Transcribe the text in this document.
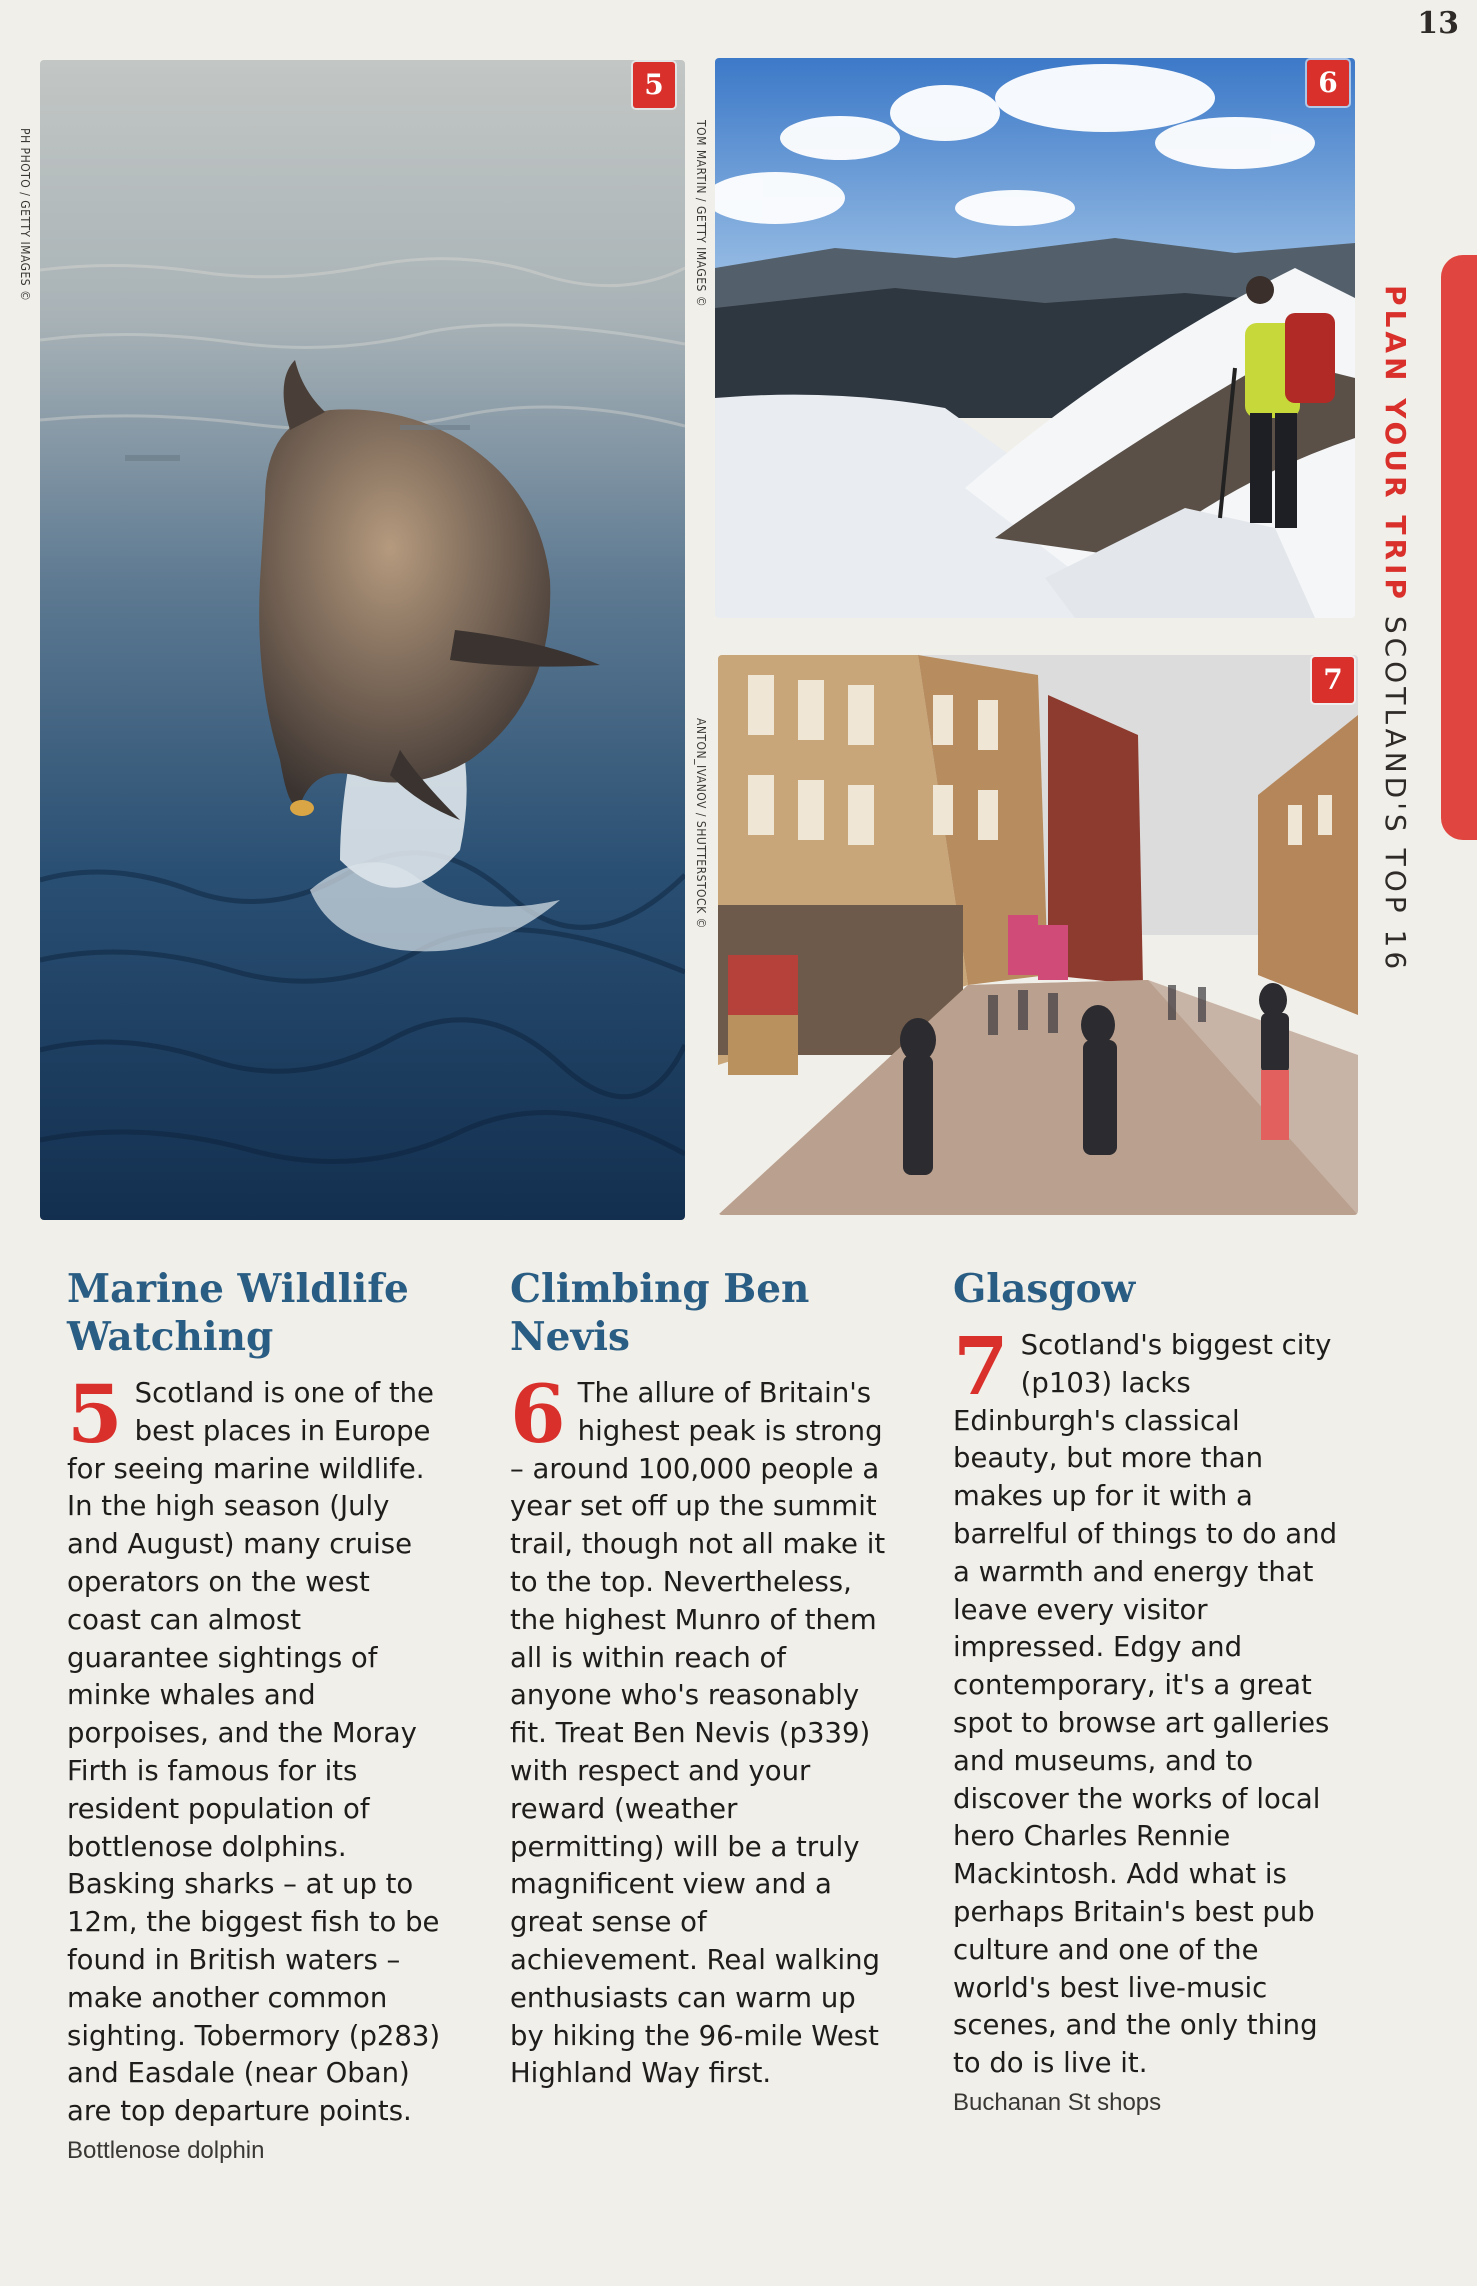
13
5
PH PHOTO / GETTY IMAGES ©
6
TOM MARTIN / GETTY IMAGES ©
7
ANTON_IVANOV / SHUTTERSTOCK ©
PLAN YOUR TRIP SCOTLAND'S TOP 16
Marine Wildlife Watching

5 Scotland is one of the best places in Europe for seeing marine wildlife. In the high season (July and August) many cruise operators on the west coast can almost guarantee sightings of minke whales and porpoises, and the Moray Firth is famous for its resident population of bottlenose dolphins. Basking sharks – at up to 12m, the biggest fish to be found in British waters – make another common sighting. Tobermory (p283) and Easdale (near Oban) are top departure points.

Bottlenose dolphin
Climbing Ben Nevis

6 The allure of Britain's highest peak is strong – around 100,000 people a year set off up the summit trail, though not all make it to the top. Nevertheless, the highest Munro of them all is within reach of anyone who's reasonably fit. Treat Ben Nevis (p339) with respect and your reward (weather permitting) will be a truly magnificent view and a great sense of achievement. Real walking enthusiasts can warm up by hiking the 96-mile West Highland Way first.

Glasgow

7 Scotland's biggest city (p103) lacks Edinburgh's classical beauty, but more than makes up for it with a barrelful of things to do and a warmth and energy that leave every visitor impressed. Edgy and contemporary, it's a great spot to browse art galleries and museums, and to discover the works of local hero Charles Rennie Mackintosh. Add what is perhaps Britain's best pub culture and one of the world's best live-music scenes, and the only thing to do is live it.

Buchanan St shops
